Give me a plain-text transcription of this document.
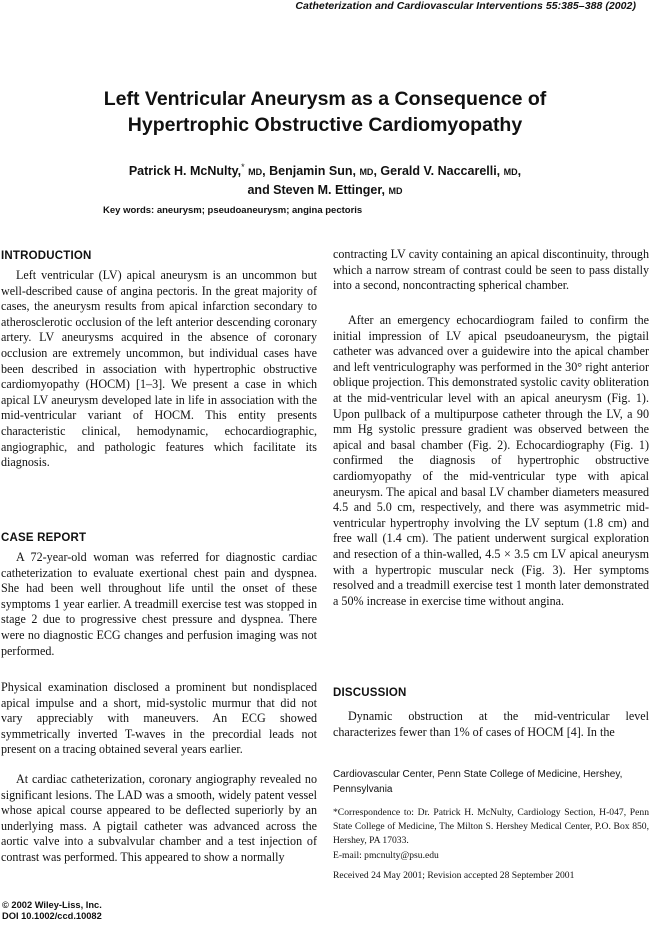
Catheterization and Cardiovascular Interventions 55:385–388 (2002)
Left Ventricular Aneurysm as a Consequence of
Hypertrophic Obstructive Cardiomyopathy
Patrick H. McNulty,* MD, Benjamin Sun, MD, Gerald V. Naccarelli, MD,
and Steven M. Ettinger, MD
Key words: aneurysm; pseudoaneurysm; angina pectoris
INTRODUCTION

Left ventricular (LV) apical aneurysm is an uncommon but well-described cause of angina pectoris. In the great majority of cases, the aneurysm results from apical infarction secondary to atherosclerotic occlusion of the left anterior descending coronary artery. LV aneurysms acquired in the absence of coronary occlusion are extremely uncommon, but individual cases have been described in association with hypertrophic obstructive cardiomyopathy (HOCM) [1–3]. We present a case in which apical LV aneurysm developed late in life in association with the mid-ventricular variant of HOCM. This entity presents characteristic clinical, hemodynamic, echocardiographic, angiographic, and pathologic features which facilitate its diagnosis.

CASE REPORT

A 72-year-old woman was referred for diagnostic cardiac catheterization to evaluate exertional chest pain and dyspnea. She had been well throughout life until the onset of these symptoms 1 year earlier. A treadmill exercise test was stopped in stage 2 due to progressive chest pressure and dyspnea. There were no diagnostic ECG changes and perfusion imaging was not performed.

Physical examination disclosed a prominent but nondisplaced apical impulse and a short, mid-systolic murmur that did not vary appreciably with maneuvers. An ECG showed symmetrically inverted T-waves in the precordial leads not present on a tracing obtained several years earlier.

At cardiac catheterization, coronary angiography revealed no significant lesions. The LAD was a smooth, widely patent vessel whose apical course appeared to be deflected superiorly by an underlying mass. A pigtail catheter was advanced across the aortic valve into a subvalvular chamber and a test injection of contrast was performed. This appeared to show a normally

contracting LV cavity containing an apical discontinuity, through which a narrow stream of contrast could be seen to pass distally into a second, noncontracting spherical chamber.

After an emergency echocardiogram failed to confirm the initial impression of LV apical pseudoaneurysm, the pigtail catheter was advanced over a guidewire into the apical chamber and left ventriculography was performed in the 30° right anterior oblique projection. This demonstrated systolic cavity obliteration at the mid-ventricular level with an apical aneurysm (Fig. 1). Upon pullback of a multipurpose catheter through the LV, a 90 mm Hg systolic pressure gradient was observed between the apical and basal chamber (Fig. 2). Echocardiography (Fig. 1) confirmed the diagnosis of hypertrophic obstructive cardiomyopathy of the mid-ventricular type with apical aneurysm. The apical and basal LV chamber diameters measured 4.5 and 5.0 cm, respectively, and there was asymmetric mid-ventricular hypertrophy involving the LV septum (1.8 cm) and free wall (1.4 cm). The patient underwent surgical exploration and resection of a thin-walled, 4.5 × 3.5 cm LV apical aneurysm with a hypertropic muscular neck (Fig. 3). Her symptoms resolved and a treadmill exercise test 1 month later demonstrated a 50% increase in exercise time without angina.

DISCUSSION

Dynamic obstruction at the mid-ventricular level characterizes fewer than 1% of cases of HOCM [4]. In the

Cardiovascular Center, Penn State College of Medicine, Hershey, Pennsylvania
*Correspondence to: Dr. Patrick H. McNulty, Cardiology Section, H-047, Penn State College of Medicine, The Milton S. Hershey Medical Center, P.O. Box 850, Hershey, PA 17033.
E-mail: pmcnulty@psu.edu
Received 24 May 2001; Revision accepted 28 September 2001
© 2002 Wiley-Liss, Inc.
DOI 10.1002/ccd.10082
